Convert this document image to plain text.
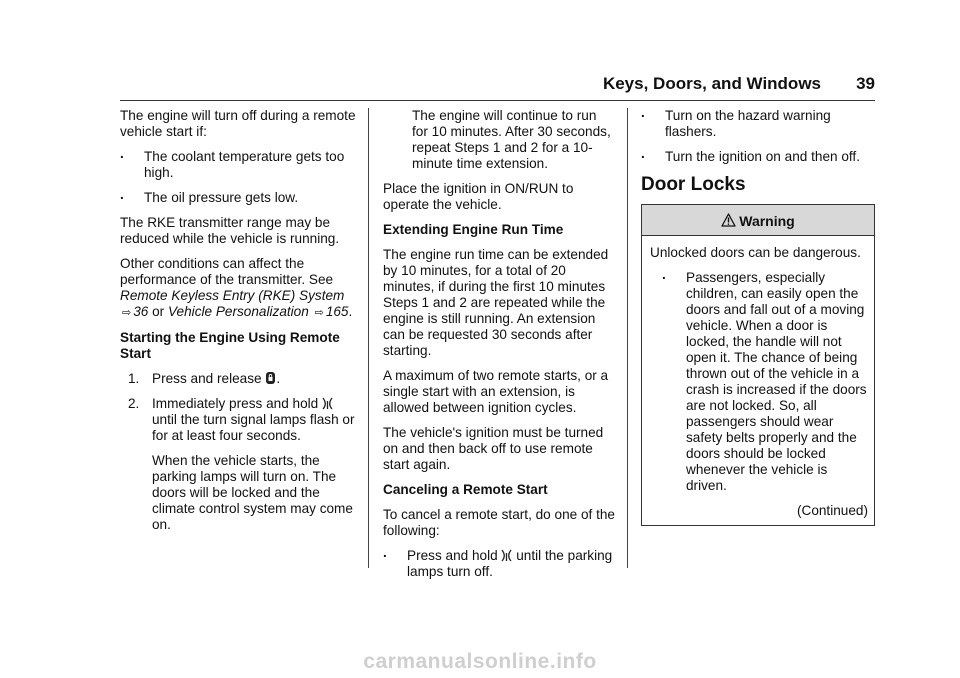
Keys, Doors, and Windows 39

The engine will turn off during a remote vehicle start if:

. The coolant temperature gets too high.
. The oil pressure gets low.

The RKE transmitter range may be reduced while the vehicle is running.

Other conditions can affect the performance of the transmitter. See Remote Keyless Entry (RKE) System ⇨ 36 or Vehicle Personalization ⇨ 165.

Starting the Engine Using Remote Start

1. Press and release .
2. Immediately press and hold
until the turn signal lamps flash or for at least four seconds.

When the vehicle starts, the parking lamps will turn on. The doors will be locked and the climate control system may come on.

The engine will continue to run for 10 minutes. After 30 seconds, repeat Steps 1 and 2 for a 10-minute time extension.

Place the ignition in ON/RUN to operate the vehicle.

Extending Engine Run Time

The engine run time can be extended by 10 minutes, for a total of 20 minutes, if during the first 10 minutes Steps 1 and 2 are repeated while the engine is still running. An extension can be requested 30 seconds after starting.

A maximum of two remote starts, or a single start with an extension, is allowed between ignition cycles.

The vehicle's ignition must be turned on and then back off to use remote start again.

Canceling a Remote Start

To cancel a remote start, do one of the following:

. Press and hold until the parking lamps turn off.
. Turn on the hazard warning flashers.
. Turn the ignition on and then off.
Door Locks
Warning

Unlocked doors can be dangerous.

. Passengers, especially children, can easily open the doors and fall out of a moving vehicle. When a door is locked, the handle will not open it. The chance of being thrown out of the vehicle in a crash is increased if the doors are not locked. So, all passengers should wear safety belts properly and the doors should be locked whenever the vehicle is driven.

(Continued)

carmanualsonline.info
